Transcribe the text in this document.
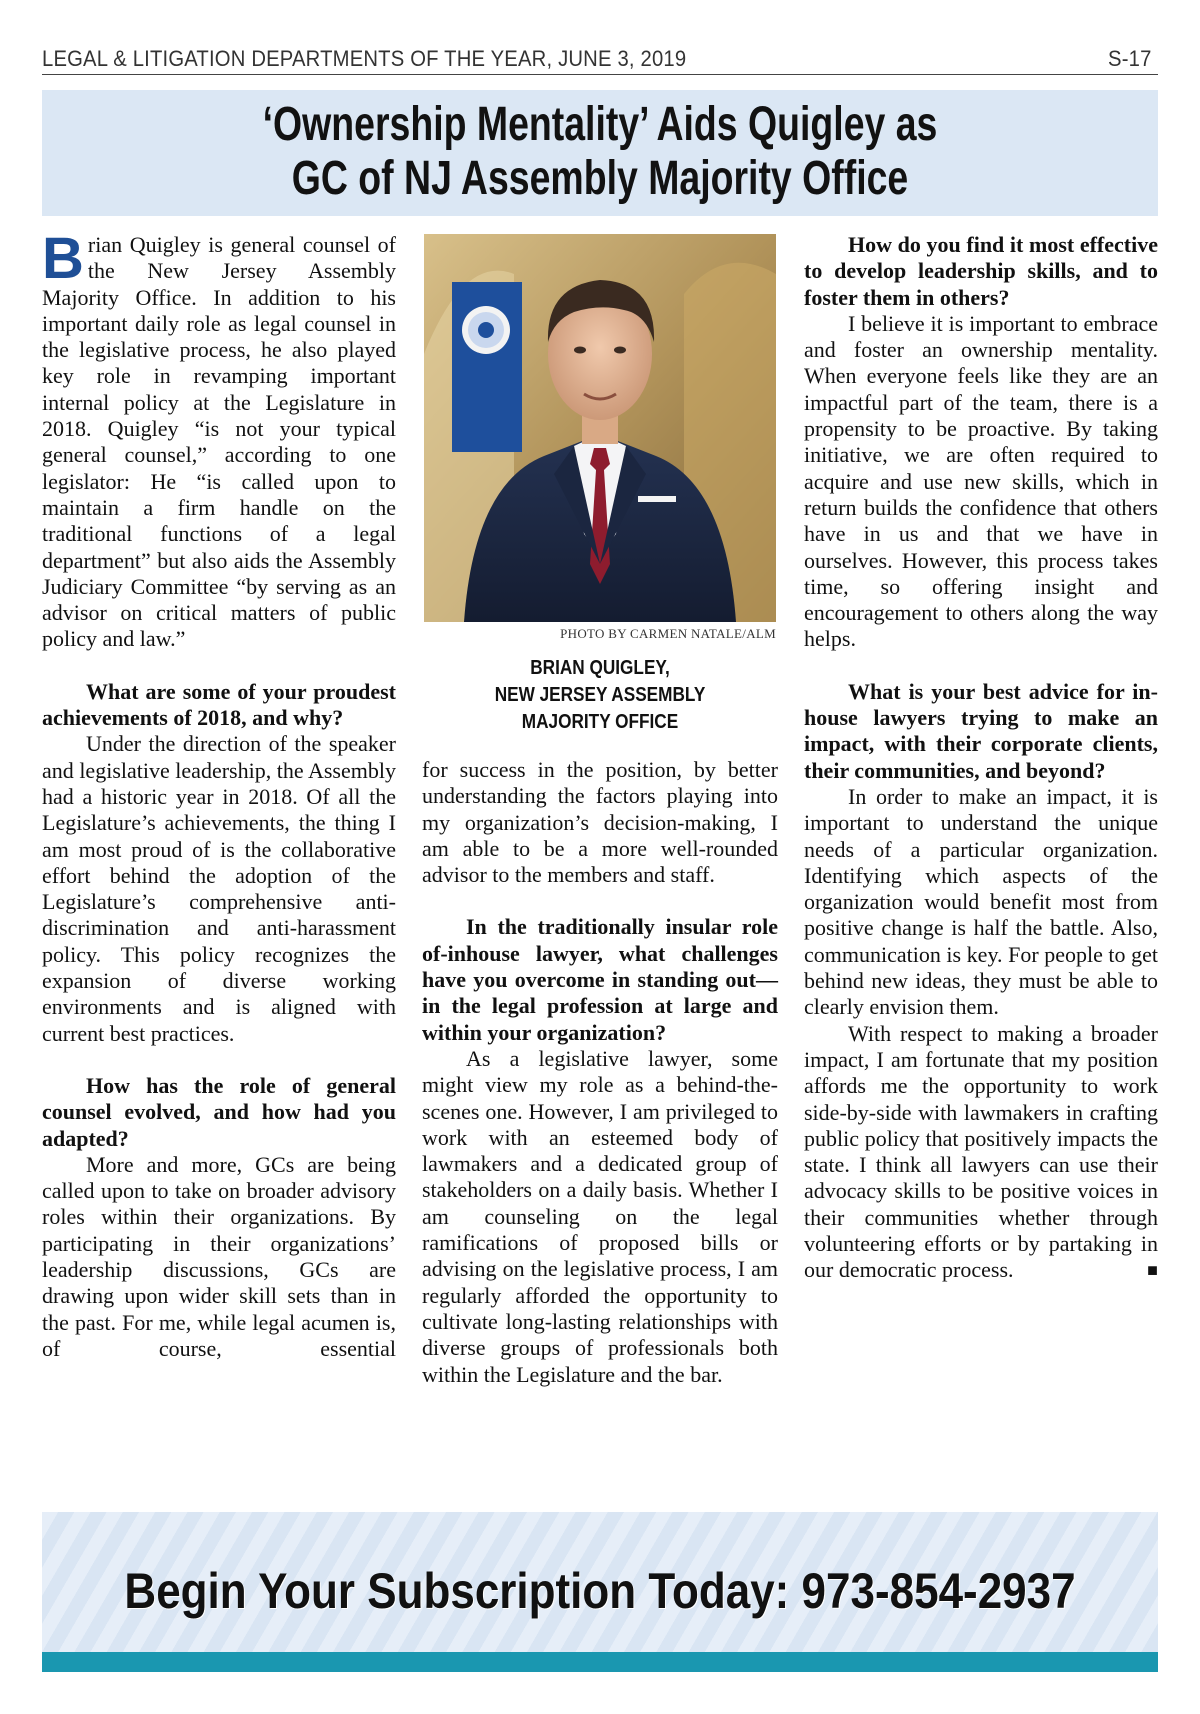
LEGAL & LITIGATION DEPARTMENTS OF THE YEAR, JUNE 3, 2019	S-17
‘Ownership Mentality’ Aids Quigley as
GC of NJ Assembly Majority Office

Brian Quigley is general counsel of the New Jersey Assembly Majority Office. In addition to his important daily role as legal counsel in the legislative process, he also played key role in revamping important internal policy at the Legislature in 2018. Quigley “is not your typical general counsel,” according to one legislator: He “is called upon to maintain a firm handle on the traditional functions of a legal department” but also aids the Assembly Judiciary Committee “by serving as an advisor on critical matters of public policy and law.”

What are some of your proudest achievements of 2018, and why?

Under the direction of the speaker and legislative leadership, the Assembly had a historic year in 2018. Of all the Legislature’s achievements, the thing I am most proud of is the collaborative effort behind the adoption of the Legislature’s comprehensive anti-discrimination and anti-harassment policy. This policy recognizes the expansion of diverse working environments and is aligned with current best practices.

How has the role of general counsel evolved, and how had you adapted?

More and more, GCs are being called upon to take on broader advisory roles within their organizations. By participating in their organizations’ leadership discussions, GCs are drawing upon wider skill sets than in the past. For me, while legal acumen is, of course, essential

PHOTO BY CARMEN NATALE/ALM
BRIAN QUIGLEY,
NEW JERSEY ASSEMBLY
MAJORITY OFFICE

for success in the position, by better understanding the factors playing into my organization’s decision-making, I am able to be a more well-rounded advisor to the members and staff.

In the traditionally insular role of-inhouse lawyer, what challenges have you overcome in standing out—in the legal profession at large and within your organization?

As a legislative lawyer, some might view my role as a behind-the-scenes one. However, I am privileged to work with an esteemed body of lawmakers and a dedicated group of stakeholders on a daily basis. Whether I am counseling on the legal ramifications of proposed bills or advising on the legislative process, I am regularly afforded the opportunity to cultivate long-lasting relationships with diverse groups of professionals both within the Legislature and the bar.

How do you find it most effective to develop leadership skills, and to foster them in others?

I believe it is important to embrace and foster an ownership mentality. When everyone feels like they are an impactful part of the team, there is a propensity to be proactive. By taking initiative, we are often required to acquire and use new skills, which in return builds the confidence that others have in us and that we have in ourselves. However, this process takes time, so offering insight and encouragement to others along the way helps.

What is your best advice for in-house lawyers trying to make an impact, with their corporate clients, their communities, and beyond?

In order to make an impact, it is important to understand the unique needs of a particular organization. Identifying which aspects of the organization would benefit most from positive change is half the battle. Also, communication is key. For people to get behind new ideas, they must be able to clearly envision them.

With respect to making a broader impact, I am fortunate that my position affords me the opportunity to work side-by-side with lawmakers in crafting public policy that positively impacts the state. I think all lawyers can use their advocacy skills to be positive voices in their communities whether through volunteering efforts or by partaking in our democratic process.	■

Begin Your Subscription Today: 973-854-2937
